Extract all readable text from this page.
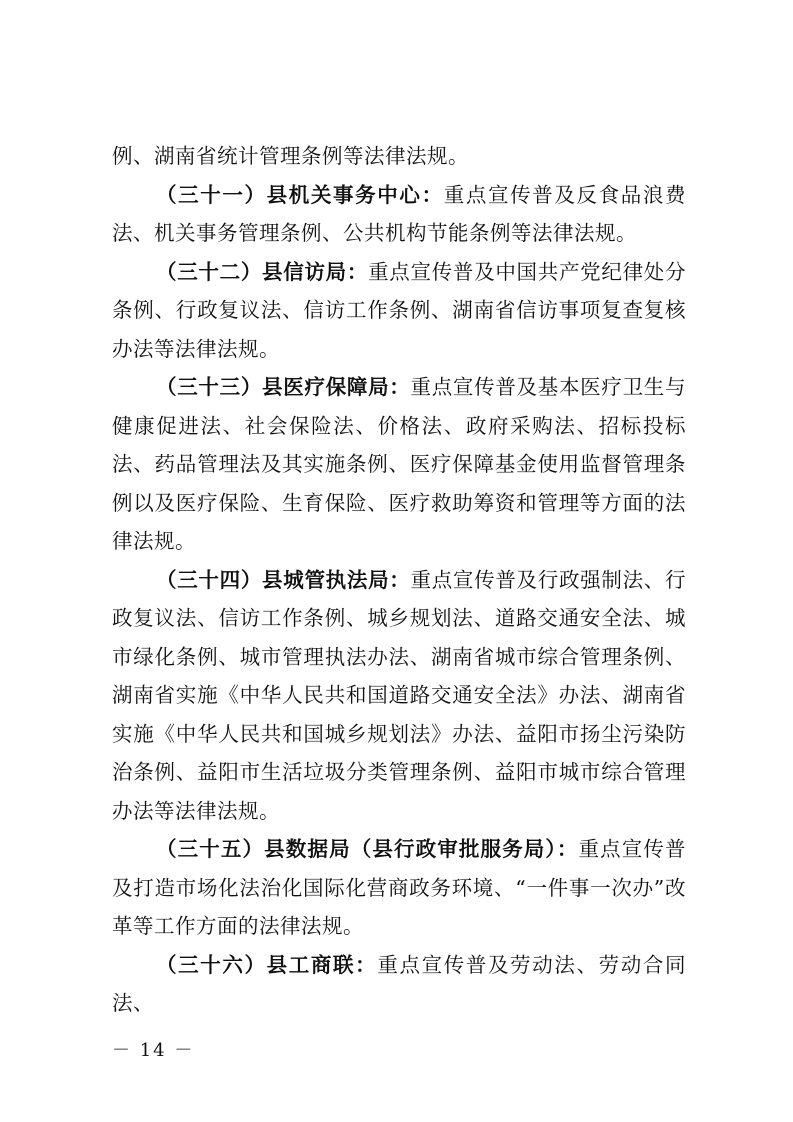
例、湖南省统计管理条例等法律法规。

（三十一）县机关事务中心：重点宣传普及反食品浪费法、机关事务管理条例、公共机构节能条例等法律法规。

（三十二）县信访局：重点宣传普及中国共产党纪律处分条例、行政复议法、信访工作条例、湖南省信访事项复查复核办法等法律法规。

（三十三）县医疗保障局：重点宣传普及基本医疗卫生与健康促进法、社会保险法、价格法、政府采购法、招标投标法、药品管理法及其实施条例、医疗保障基金使用监督管理条例以及医疗保险、生育保险、医疗救助筹资和管理等方面的法律法规。

（三十四）县城管执法局：重点宣传普及行政强制法、行政复议法、信访工作条例、城乡规划法、道路交通安全法、城市绿化条例、城市管理执法办法、湖南省城市综合管理条例、湖南省实施《中华人民共和国道路交通安全法》办法、湖南省实施《中华人民共和国城乡规划法》办法、益阳市扬尘污染防治条例、益阳市生活垃圾分类管理条例、益阳市城市综合管理办法等法律法规。

（三十五）县数据局（县行政审批服务局）：重点宣传普及打造市场化法治化国际化营商政务环境、“一件事一次办”改革等工作方面的法律法规。

（三十六）县工商联：重点宣传普及劳动法、劳动合同法、

－ 14 －
